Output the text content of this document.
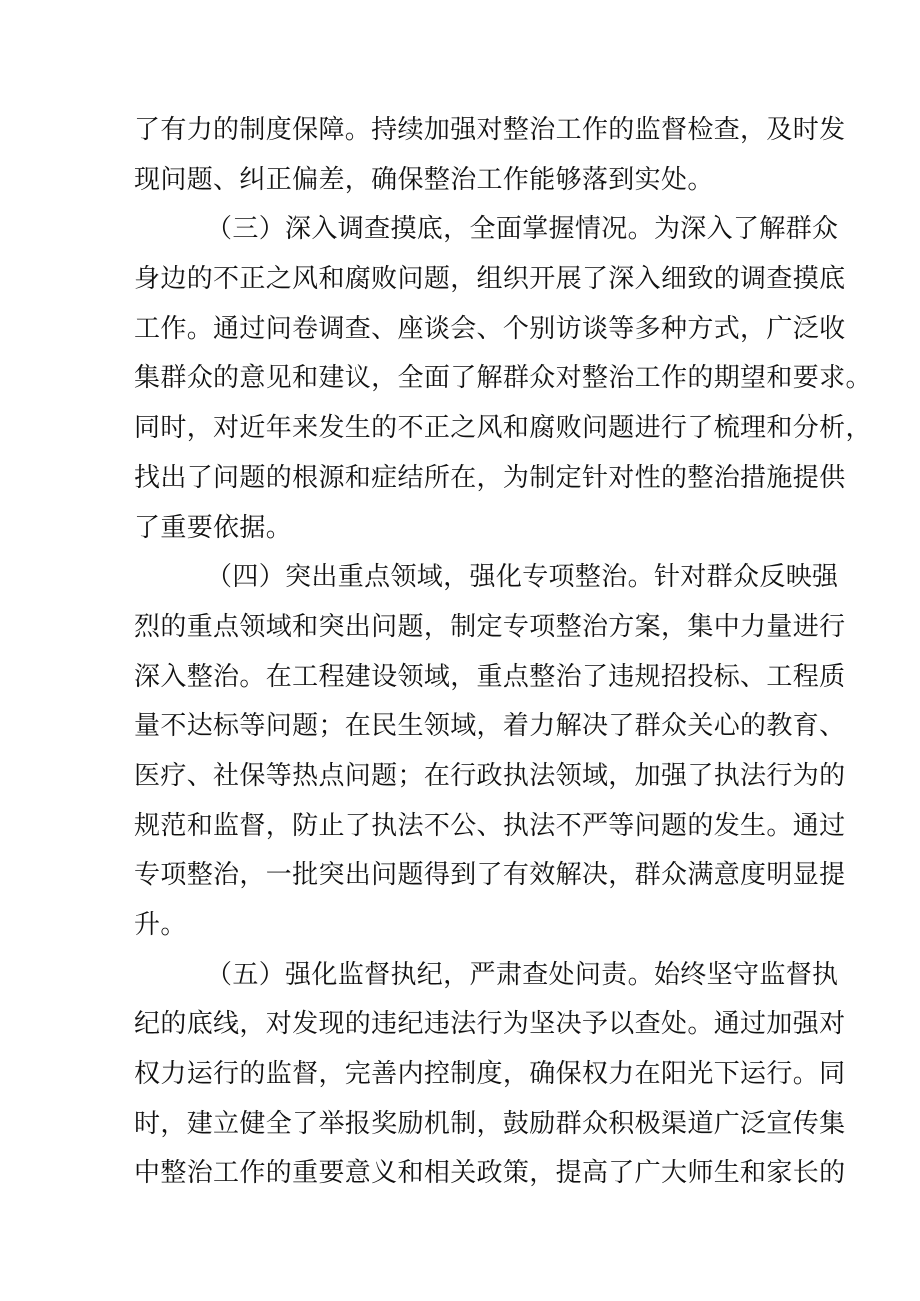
了有力的制度保障。持续加强对整治工作的监督检查，及时发
现问题、纠正偏差，确保整治工作能够落到实处。
（三）深入调查摸底，全面掌握情况。为深入了解群众
身边的不正之风和腐败问题，组织开展了深入细致的调查摸底
工作。通过问卷调查、座谈会、个别访谈等多种方式，广泛收
集群众的意见和建议，全面了解群众对整治工作的期望和要求。
同时，对近年来发生的不正之风和腐败问题进行了梳理和分析，
找出了问题的根源和症结所在，为制定针对性的整治措施提供
了重要依据。
（四）突出重点领域，强化专项整治。针对群众反映强
烈的重点领域和突出问题，制定专项整治方案，集中力量进行
深入整治。在工程建设领域，重点整治了违规招投标、工程质
量不达标等问题；在民生领域，着力解决了群众关心的教育、
医疗、社保等热点问题；在行政执法领域，加强了执法行为的
规范和监督，防止了执法不公、执法不严等问题的发生。通过
专项整治，一批突出问题得到了有效解决，群众满意度明显提
升。
（五）强化监督执纪，严肃查处问责。始终坚守监督执
纪的底线，对发现的违纪违法行为坚决予以查处。通过加强对
权力运行的监督，完善内控制度，确保权力在阳光下运行。同
时，建立健全了举报奖励机制，鼓励群众积极渠道广泛宣传集
中整治工作的重要意义和相关政策，提高了广大师生和家长的
